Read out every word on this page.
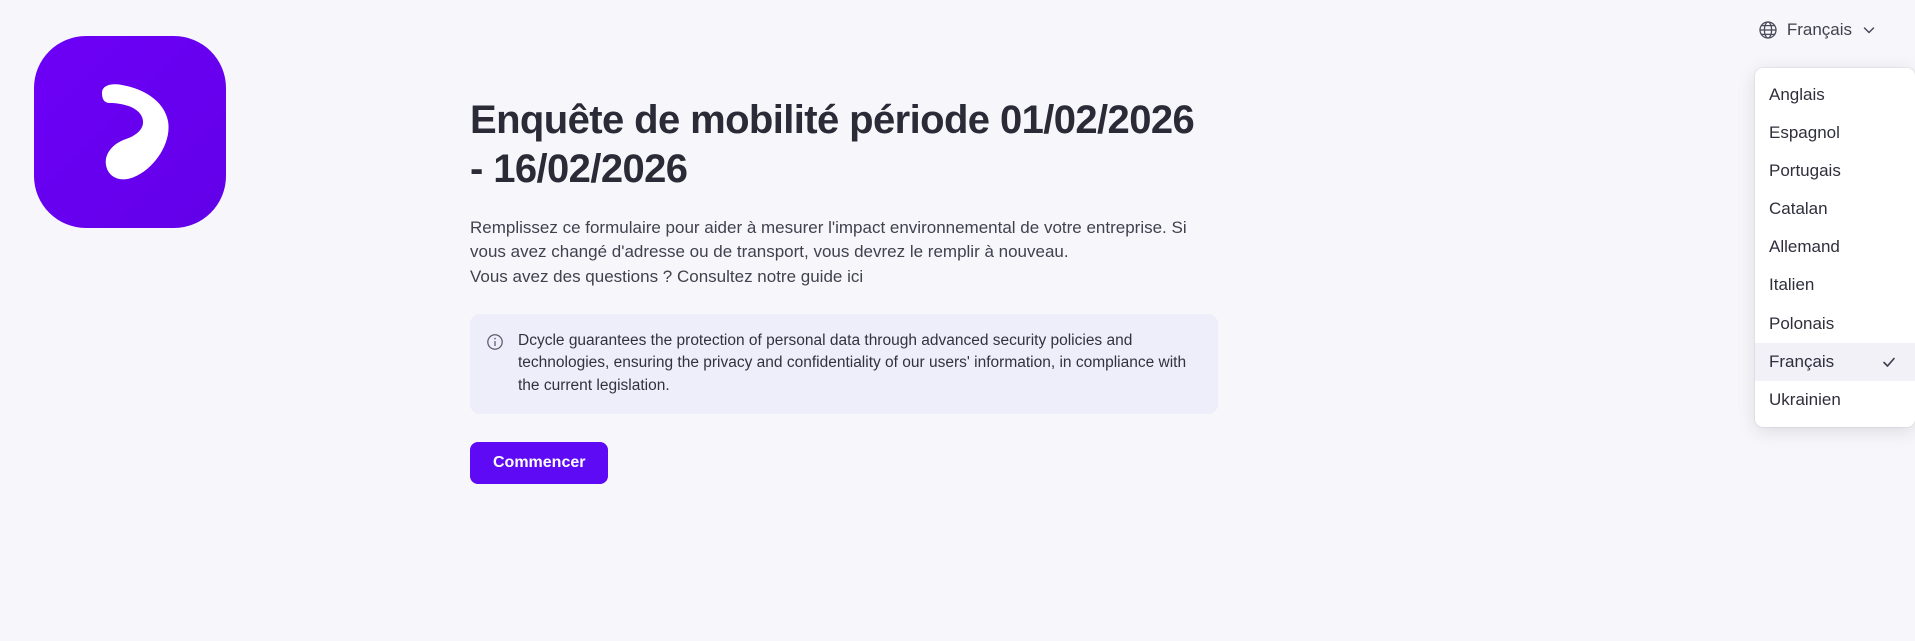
Enquête de mobilité période 01/02/2026 - 16/02/2026

Remplissez ce formulaire pour aider à mesurer l'impact environnemental de votre entreprise. Si vous avez changé d'adresse ou de transport, vous devrez le remplir à nouveau.

Vous avez des questions ? Consultez notre guide ici

Dcycle guarantees the protection of personal data through advanced security policies and technologies, ensuring the privacy and confidentiality of our users' information, in compliance with the current legislation.
Commencer
Français
Anglais
Espagnol
Portugais
Catalan
Allemand
Italien
Polonais
Français
Ukrainien
